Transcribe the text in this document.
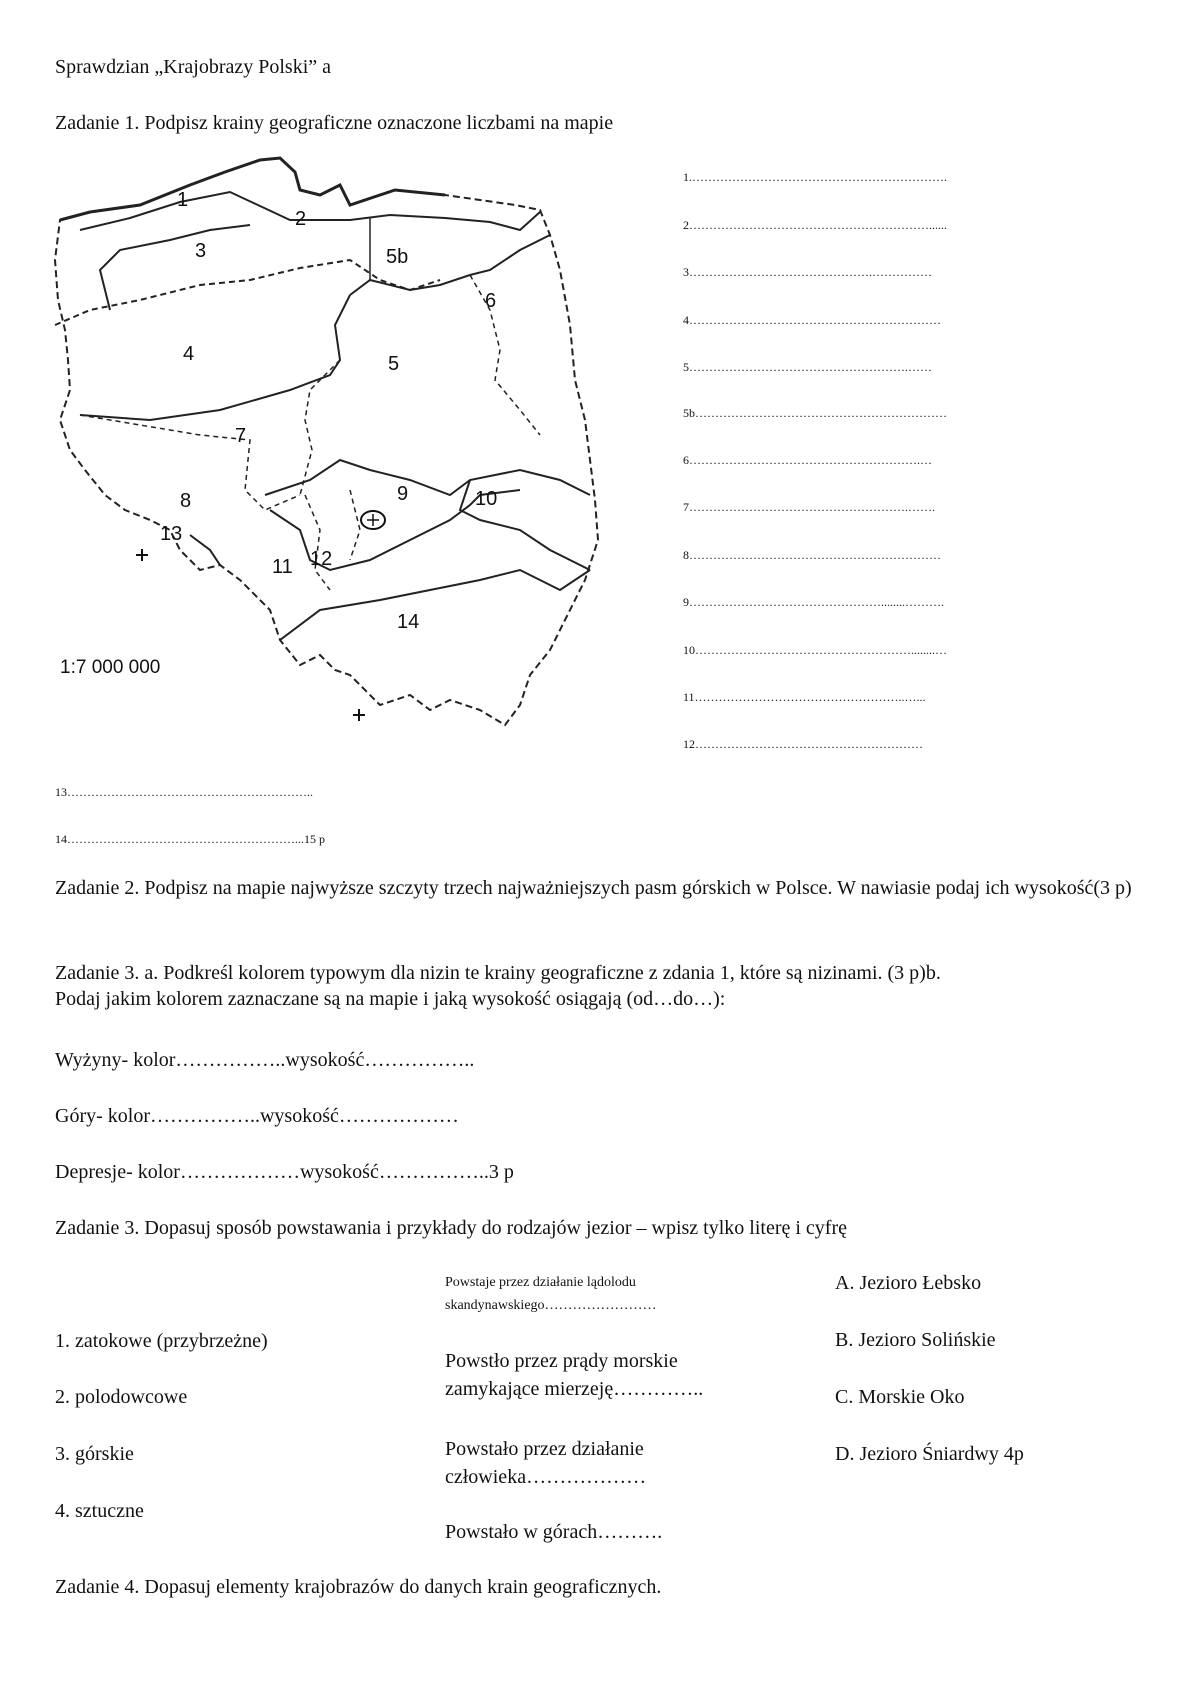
Sprawdzian „Krajobrazy Polski” a
Zadanie 1. Podpisz krainy geograficzne oznaczone liczbami na mapie
1
2
3
4	5
5b
6
7
8	9	10
11 12
13
14
1:7 000 000
1.……………………………………………………….
2……………………………………………………......
3……………………………………….……………
4………………………………………………………
5……………………………………………….……
5b………………………………………………………
6………………………………………………….…
7……………………………………………….…….
8………………………………………………………
9…………………………………………........……….
10………………………………………………........…
11……………………………………………..…...
12…………………………………………………
13……………………………………………………..
14…………………………………………………...15 p
Zadanie 2. Podpisz na mapie najwyższe szczyty trzech najważniejszych pasm górskich w Polsce. W nawiasie podaj ich wysokość(3 p)
Zadanie 3. a. Podkreśl kolorem typowym dla nizin te krainy geograficzne z zdania 1, które są nizinami. (3 p)b.
Podaj jakim kolorem zaznaczane są na mapie i jaką wysokość osiągają (od…do…):
Wyżyny- kolor……………..wysokość……………..
Góry- kolor……………..wysokość………………
Depresje- kolor………………wysokość……………..3 p
Zadanie 3. Dopasuj sposób powstawania i przykłady do rodzajów jezior – wpisz tylko literę i cyfrę
1. zatokowe (przybrzeżne)
2. polodowcowe
3. górskie
4. sztuczne
Powstaje przez działanie lądolodu
skandynawskiego……………………
Powstło przez prądy morskie
zamykające mierzeję…………..
Powstało przez działanie
człowieka………………
Powstało w górach……….
A. Jezioro Łebsko
B. Jezioro Solińskie
C. Morskie Oko
D. Jezioro Śniardwy 4p
Zadanie 4. Dopasuj elementy krajobrazów do danych krain geograficznych.
